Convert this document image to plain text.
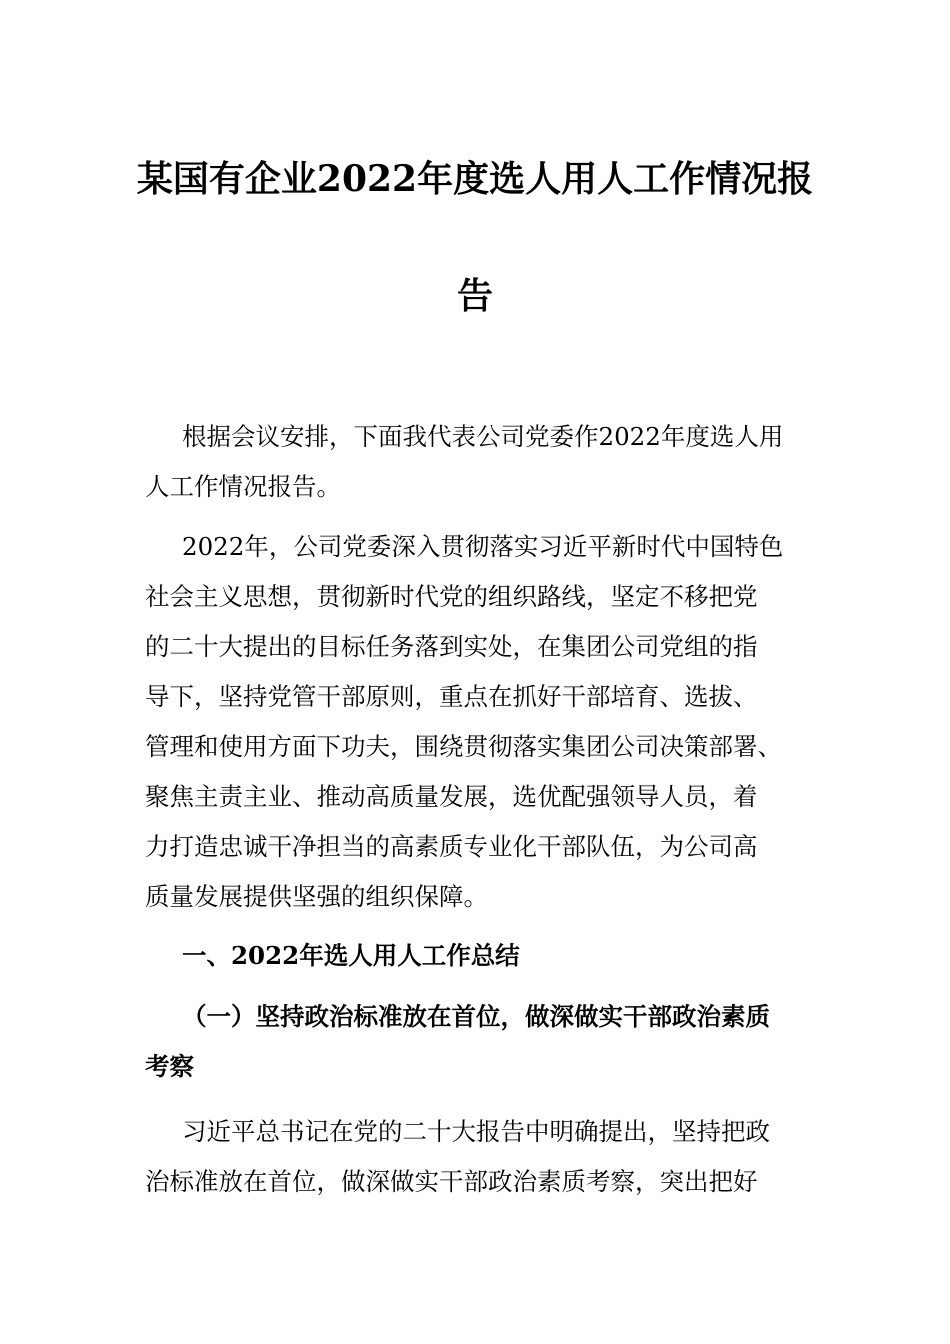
某国有企业2022年度选人用人工作情况报
告
根据会议安排，下面我代表公司党委作2022年度选人用
人工作情况报告。
2022年，公司党委深入贯彻落实习近平新时代中国特色
社会主义思想，贯彻新时代党的组织路线，坚定不移把党
的二十大提出的目标任务落到实处，在集团公司党组的指
导下，坚持党管干部原则，重点在抓好干部培育、选拔、
管理和使用方面下功夫，围绕贯彻落实集团公司决策部署、
聚焦主责主业、推动高质量发展，选优配强领导人员，着
力打造忠诚干净担当的高素质专业化干部队伍，为公司高
质量发展提供坚强的组织保障。
一、2022年选人用人工作总结
（一）坚持政治标准放在首位，做深做实干部政治素质
考察
习近平总书记在党的二十大报告中明确提出，坚持把政
治标准放在首位，做深做实干部政治素质考察，突出把好
